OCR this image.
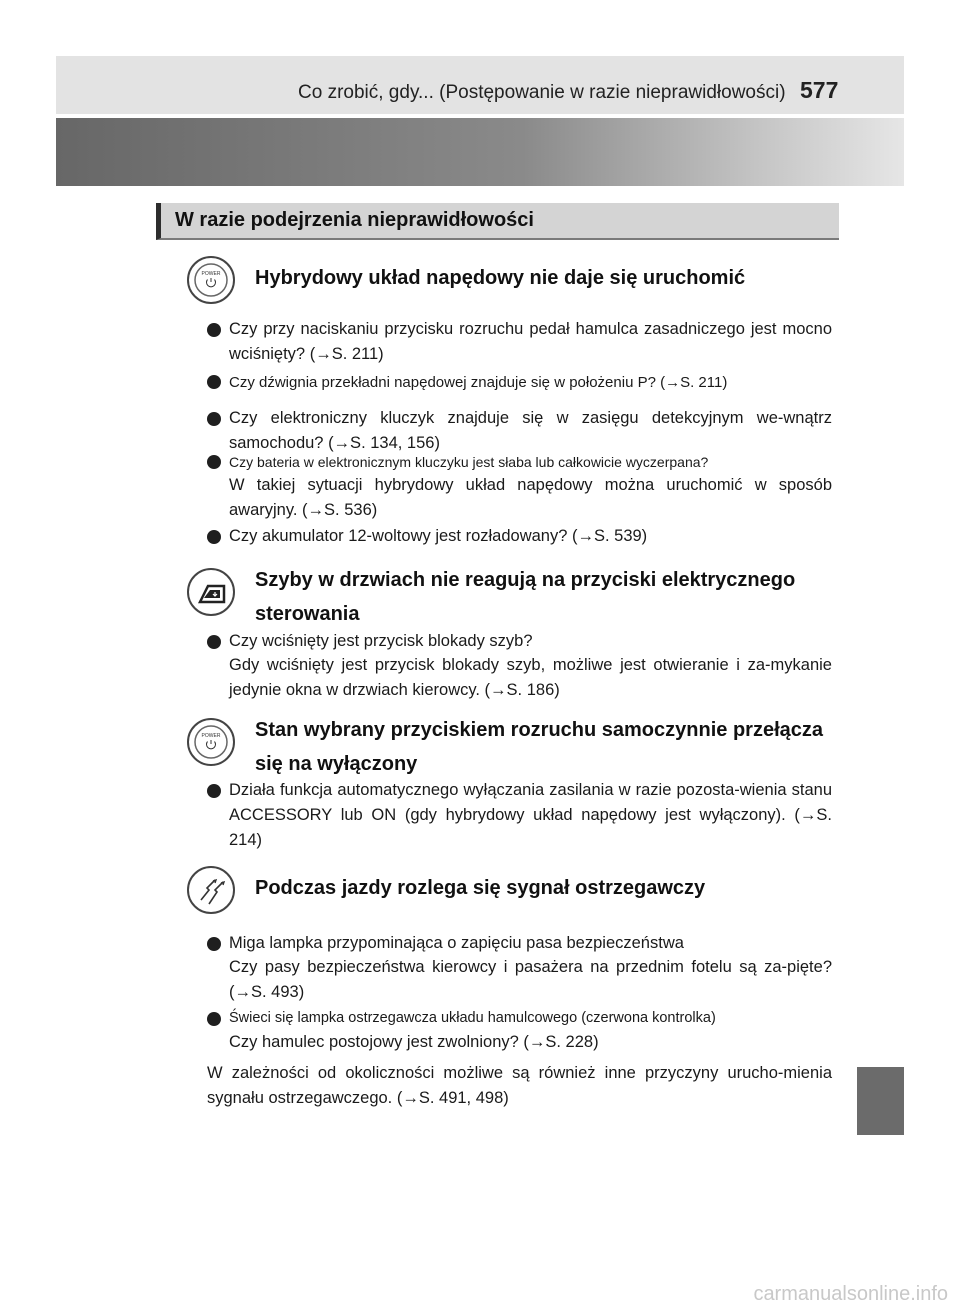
Co zrobić, gdy... (Postępowanie w razie nieprawidłowości) 577
W razie podejrzenia nieprawidłowości
POWER Hybrydowy układ napędowy nie daje się uruchomić
Czy przy naciskaniu przycisku rozruchu pedał hamulca zasadniczego jest mocno wciśnięty? (→S. 211)
Czy dźwignia przekładni napędowej znajduje się w położeniu P? (→S. 211)
Czy elektroniczny kluczyk znajduje się w zasięgu detekcyjnym we-wnątrz samochodu? (→S. 134, 156)
Czy bateria w elektronicznym kluczyku jest słaba lub całkowicie wyczerpana?
W takiej sytuacji hybrydowy układ napędowy można uruchomić w sposób awaryjny. (→S. 536)
Czy akumulator 12-woltowy jest rozładowany? (→S. 539)
Szyby w drzwiach nie reagują na przyciski elektrycznego sterowania
Czy wciśnięty jest przycisk blokady szyb?
Gdy wciśnięty jest przycisk blokady szyb, możliwe jest otwieranie i za-mykanie jedynie okna w drzwiach kierowcy. (→S. 186)
POWER Stan wybrany przyciskiem rozruchu samoczynnie przełącza się na wyłączony
Działa funkcja automatycznego wyłączania zasilania w razie pozosta-wienia stanu ACCESSORY lub ON (gdy hybrydowy układ napędowy jest wyłączony). (→S. 214)
Podczas jazdy rozlega się sygnał ostrzegawczy
Miga lampka przypominająca o zapięciu pasa bezpieczeństwa
Czy pasy bezpieczeństwa kierowcy i pasażera na przednim fotelu są za-pięte? (→S. 493)
Świeci się lampka ostrzegawcza układu hamulcowego (czerwona kontrolka)
Czy hamulec postojowy jest zwolniony? (→S. 228)
W zależności od okoliczności możliwe są również inne przyczyny urucho-mienia sygnału ostrzegawczego. (→S. 491, 498)
carmanualsonline.info
